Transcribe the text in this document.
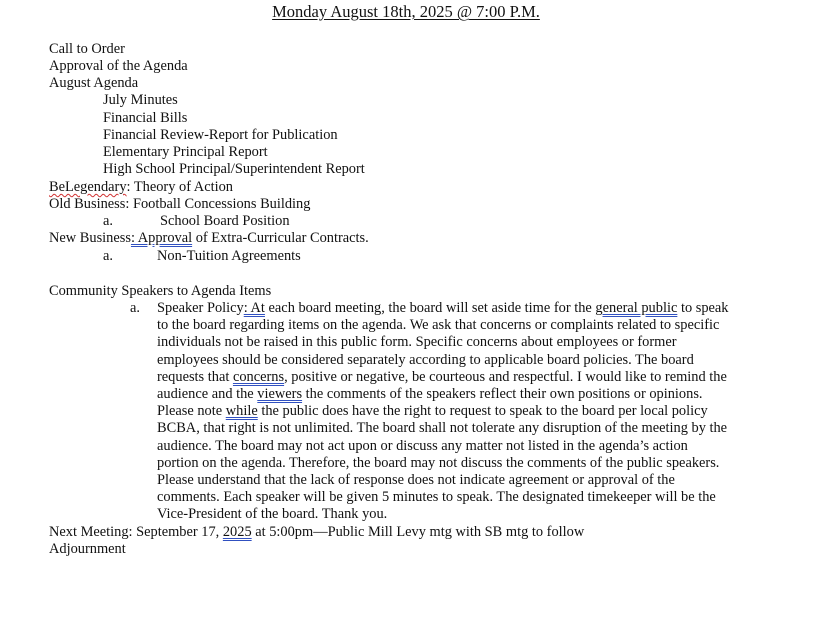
Monday August 18th, 2025 @ 7:00 P.M.
Call to Order
Approval of the Agenda
August Agenda
July Minutes
Financial Bills
Financial Review-Report for Publication
Elementary Principal Report
High School Principal/Superintendent Report
BeLegendary: Theory of Action
Old Business: Football Concessions Building
a.	School Board Position
New Business: Approval of Extra-Curricular Contracts.
a.	Non-Tuition Agreements
Community Speakers to Agenda Items
a. Speaker Policy: At each board meeting, the board will set aside time for the general public to speak
to the board regarding items on the agenda. We ask that concerns or complaints related to specific
individuals not be raised in this public form. Specific concerns about employees or former
employees should be considered separately according to applicable board policies. The board
requests that concerns, positive or negative, be courteous and respectful. I would like to remind the
audience and the viewers the comments of the speakers reflect their own positions or opinions.
Please note while the public does have the right to request to speak to the board per local policy
BCBA, that right is not unlimited. The board shall not tolerate any disruption of the meeting by the
audience. The board may not act upon or discuss any matter not listed in the agenda’s action
portion on the agenda. Therefore, the board may not discuss the comments of the public speakers.
Please understand that the lack of response does not indicate agreement or approval of the
comments. Each speaker will be given 5 minutes to speak. The designated timekeeper will be the
Vice-President of the board. Thank you.
Next Meeting: September 17, 2025 at 5:00pm—Public Mill Levy mtg with SB mtg to follow
Adjournment
